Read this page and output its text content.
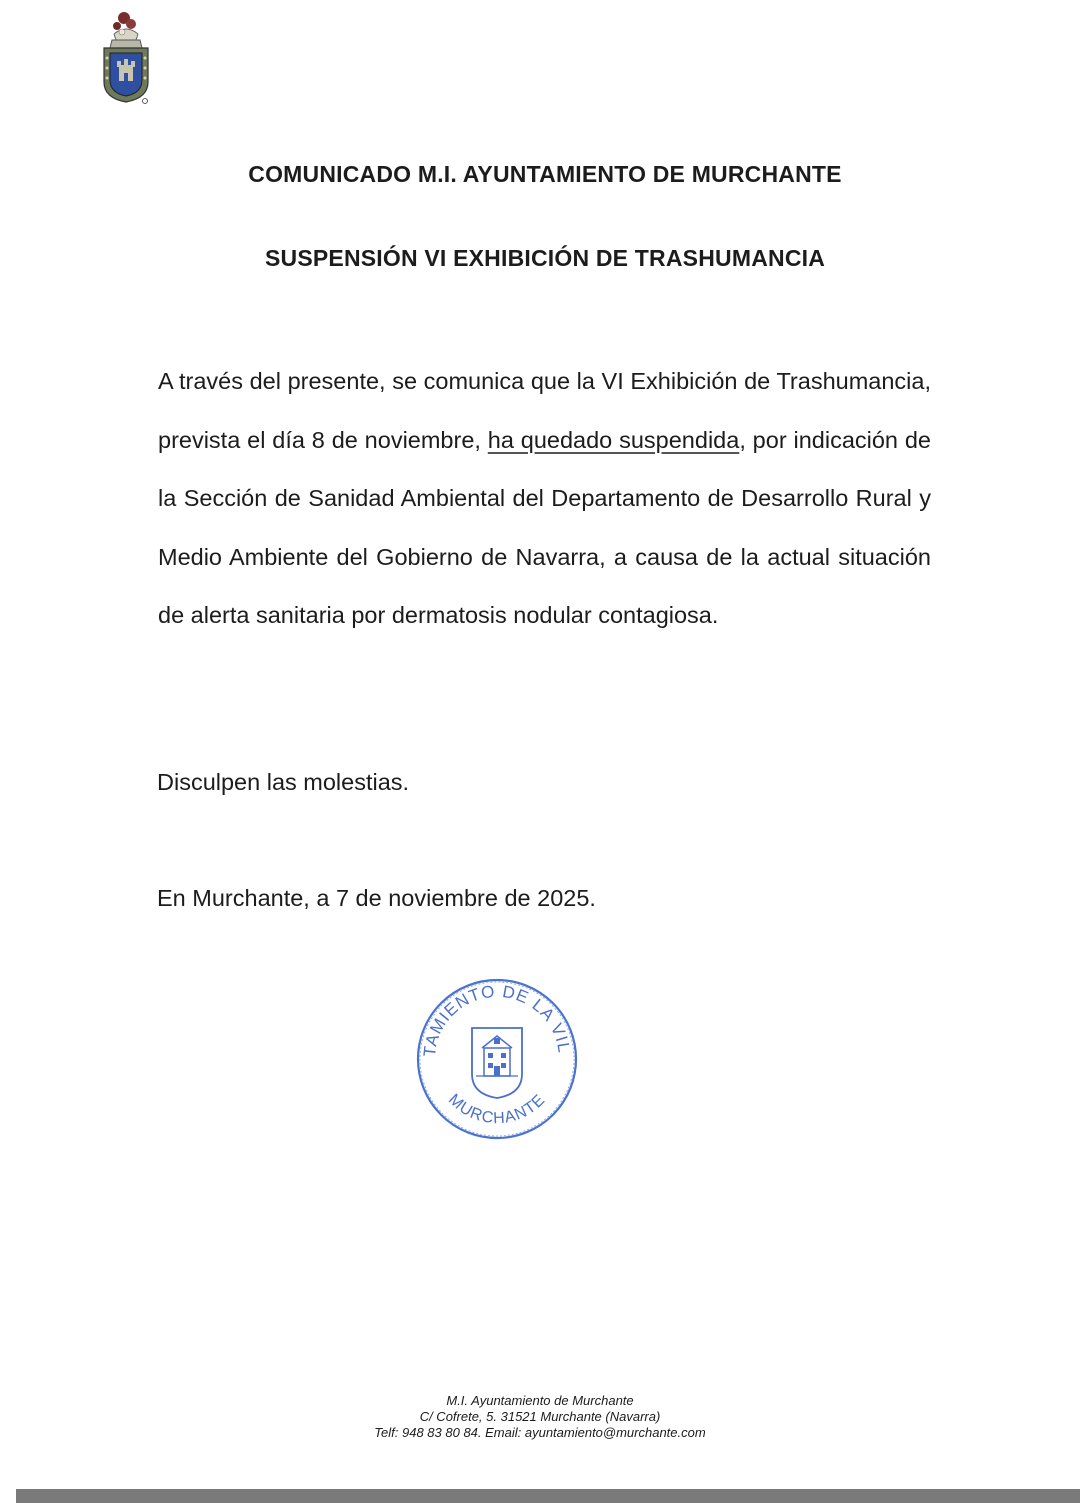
COMUNICADO M.I. AYUNTAMIENTO DE MURCHANTE
SUSPENSIÓN VI EXHIBICIÓN DE TRASHUMANCIA
A través del presente, se comunica que la VI Exhibición de Trashumancia, prevista el día 8 de noviembre, ha quedado suspendida, por indicación de la Sección de Sanidad Ambiental del Departamento de Desarrollo Rural y Medio Ambiente del Gobierno de Navarra, a causa de la actual situación de alerta sanitaria por dermatosis nodular contagiosa.
Disculpen las molestias.
En Murchante, a 7 de noviembre de 2025.
TAMIENTO DE LA VIL
MURCHANTE
M.I. Ayuntamiento de Murchante
C/ Cofrete, 5. 31521 Murchante (Navarra)
Telf: 948 83 80 84. Email: ayuntamiento@murchante.com
